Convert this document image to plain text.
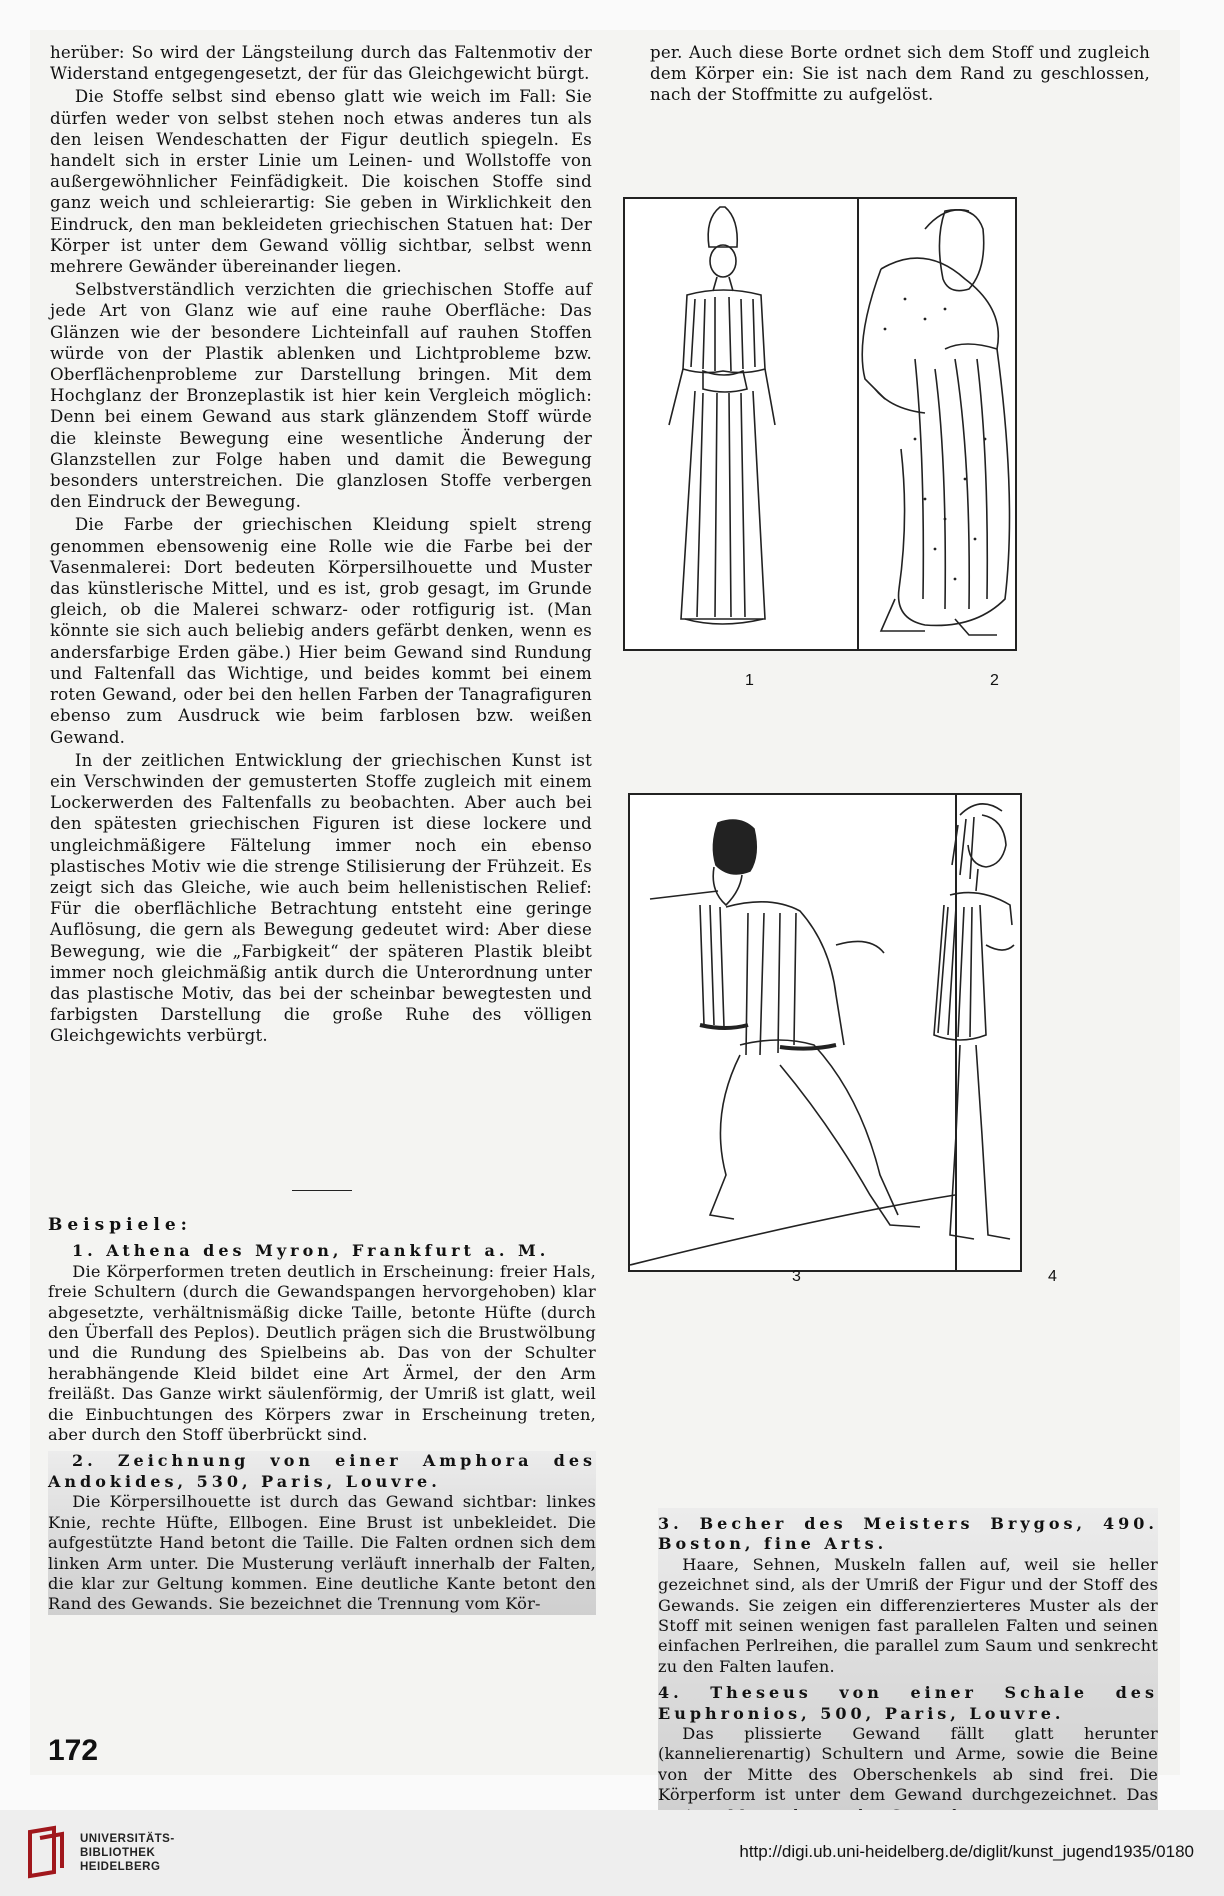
herüber: So wird der Längsteilung durch das Faltenmotiv der Widerstand entgegengesetzt, der für das Gleichgewicht bürgt.

Die Stoffe selbst sind ebenso glatt wie weich im Fall: Sie dürfen weder von selbst stehen noch etwas anderes tun als den leisen Wendeschatten der Figur deutlich spiegeln. Es handelt sich in erster Linie um Leinen- und Wollstoffe von außergewöhnlicher Feinfädigkeit. Die koischen Stoffe sind ganz weich und schleierartig: Sie geben in Wirklichkeit den Eindruck, den man bekleideten griechischen Statuen hat: Der Körper ist unter dem Gewand völlig sichtbar, selbst wenn mehrere Gewänder übereinander liegen.

Selbstverständlich verzichten die griechischen Stoffe auf jede Art von Glanz wie auf eine rauhe Oberfläche: Das Glänzen wie der besondere Lichteinfall auf rauhen Stoffen würde von der Plastik ablenken und Lichtprobleme bzw. Oberflächenprobleme zur Darstellung bringen. Mit dem Hochglanz der Bronzeplastik ist hier kein Vergleich möglich: Denn bei einem Gewand aus stark glänzendem Stoff würde die kleinste Bewegung eine wesentliche Änderung der Glanzstellen zur Folge haben und damit die Bewegung besonders unterstreichen. Die glanzlosen Stoffe verbergen den Eindruck der Bewegung.

Die Farbe der griechischen Kleidung spielt streng genommen ebensowenig eine Rolle wie die Farbe bei der Vasenmalerei: Dort bedeuten Körpersilhouette und Muster das künstlerische Mittel, und es ist, grob gesagt, im Grunde gleich, ob die Malerei schwarz- oder rotfigurig ist. (Man könnte sie sich auch beliebig anders gefärbt denken, wenn es andersfarbige Erden gäbe.) Hier beim Gewand sind Rundung und Faltenfall das Wichtige, und beides kommt bei einem roten Gewand, oder bei den hellen Farben der Tanagrafiguren ebenso zum Ausdruck wie beim farblosen bzw. weißen Gewand.

In der zeitlichen Entwicklung der griechischen Kunst ist ein Verschwinden der gemusterten Stoffe zugleich mit einem Lockerwerden des Faltenfalls zu beobachten. Aber auch bei den spätesten griechischen Figuren ist diese lockere und ungleichmäßigere Fältelung immer noch ein ebenso plastisches Motiv wie die strenge Stilisierung der Frühzeit. Es zeigt sich das Gleiche, wie auch beim hellenistischen Relief: Für die oberflächliche Betrachtung entsteht eine geringe Auflösung, die gern als Bewegung gedeutet wird: Aber diese Bewegung, wie die „Farbigkeit“ der späteren Plastik bleibt immer noch gleichmäßig antik durch die Unterordnung unter das plastische Motiv, das bei der scheinbar bewegtesten und farbigsten Darstellung die große Ruhe des völligen Gleichgewichts verbürgt.

Beispiele:
1. Athena des Myron, Frankfurt a. M.
Die Körperformen treten deutlich in Erscheinung: freier Hals, freie Schultern (durch die Gewandspangen hervorgehoben) klar abgesetzte, verhältnismäßig dicke Taille, betonte Hüfte (durch den Überfall des Peplos). Deutlich prägen sich die Brustwölbung und die Rundung des Spielbeins ab. Das von der Schulter herabhängende Kleid bildet eine Art Ärmel, der den Arm freiläßt. Das Ganze wirkt säulenförmig, der Umriß ist glatt, weil die Einbuchtungen des Körpers zwar in Erscheinung treten, aber durch den Stoff überbrückt sind.
2. Zeichnung von einer Amphora des Andokides, 530, Paris, Louvre.
Die Körpersilhouette ist durch das Gewand sichtbar: linkes Knie, rechte Hüfte, Ellbogen. Eine Brust ist unbekleidet. Die aufgestützte Hand betont die Taille. Die Falten ordnen sich dem linken Arm unter. Die Musterung verläuft innerhalb der Falten, die klar zur Geltung kommen. Eine deutliche Kante betont den Rand des Gewands. Sie bezeichnet die Trennung vom Kör-

per. Auch diese Borte ordnet sich dem Stoff und zugleich dem Körper ein: Sie ist nach dem Rand zu geschlossen, nach der Stoffmitte zu aufgelöst.

1	2
3	4
3. Becher des Meisters Brygos, 490. Boston, fine Arts.
Haare, Sehnen, Muskeln fallen auf, weil sie heller gezeichnet sind, als der Umriß der Figur und der Stoff des Gewands. Sie zeigen ein differenzierteres Muster als der Stoff mit seinen wenigen fast parallelen Falten und seinen einfachen Perlreihen, die parallel zum Saum und senkrecht zu den Falten laufen.
4. Theseus von einer Schale des Euphronios, 500, Paris, Louvre.
Das plissierte Gewand fällt glatt herunter (kannelierenartig) Schultern und Arme, sowie die Beine von der Mitte des Oberschenkels ab sind frei. Die Körperform ist unter dem Gewand durchgezeichnet. Das
172
UNIVERSITÄTS-
BIBLIOTHEK
HEIDELBERG
http://digi.ub.uni-heidelberg.de/diglit/kunst_jugend1935/0180
